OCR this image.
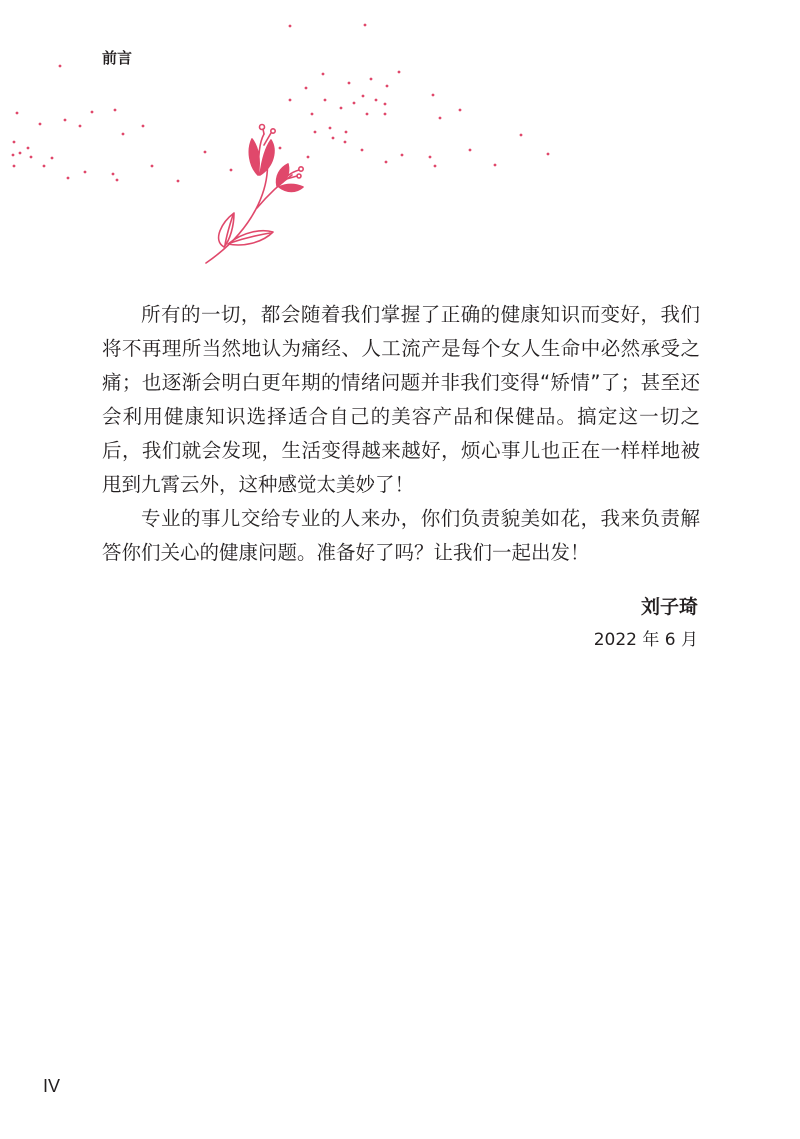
前言

所有的一切，都会随着我们掌握了正确的健康知识而变好，我们将不再理所当然地认为痛经、人工流产是每个女人生命中必然承受之痛；也逐渐会明白更年期的情绪问题并非我们变得“矫情”了；甚至还会利用健康知识选择适合自己的美容产品和保健品。搞定这一切之后，我们就会发现，生活变得越来越好，烦心事儿也正在一样样地被甩到九霄云外，这种感觉太美妙了！

专业的事儿交给专业的人来办，你们负责貌美如花，我来负责解答你们关心的健康问题。准备好了吗？让我们一起出发！

刘子琦
2022 年 6 月
IV
